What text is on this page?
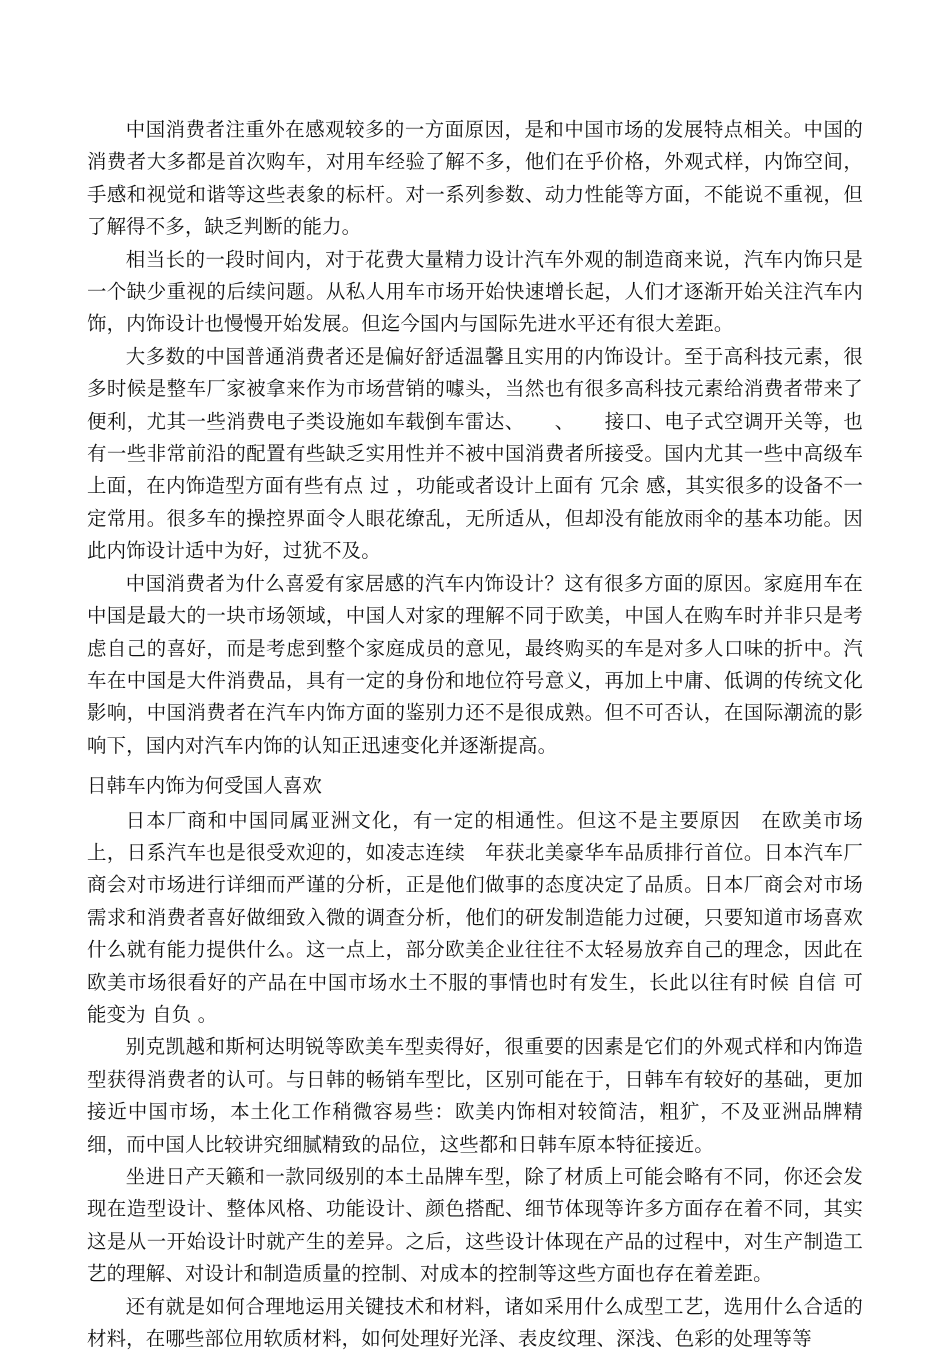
中国消费者注重外在感观较多的一方面原因，是和中国市场的发展特点相关。中国的消费者大多都是首次购车，对用车经验了解不多，他们在乎价格，外观式样，内饰空间，手感和视觉和谐等这些表象的标杆。对一系列参数、动力性能等方面，不能说不重视，但了解得不多，缺乏判断的能力。

相当长的一段时间内，对于花费大量精力设计汽车外观的制造商来说，汽车内饰只是一个缺少重视的后续问题。从私人用车市场开始快速增长起，人们才逐渐开始关注汽车内饰，内饰设计也慢慢开始发展。但迄今国内与国际先进水平还有很大差距。

大多数的中国普通消费者还是偏好舒适温馨且实用的内饰设计。至于高科技元素，很多时候是整车厂家被拿来作为市场营销的噱头，当然也有很多高科技元素给消费者带来了便利，尤其一些消费电子类设施如车载倒车雷达、　　、　　接口、电子式空调开关等，也有一些非常前沿的配置有些缺乏实用性并不被中国消费者所接受。国内尤其一些中高级车上面，在内饰造型方面有些有点 过 ，功能或者设计上面有 冗余 感，其实很多的设备不一定常用。很多车的操控界面令人眼花缭乱，无所适从，但却没有能放雨伞的基本功能。因此内饰设计适中为好，过犹不及。

中国消费者为什么喜爱有家居感的汽车内饰设计？这有很多方面的原因。家庭用车在中国是最大的一块市场领域，中国人对家的理解不同于欧美，中国人在购车时并非只是考虑自己的喜好，而是考虑到整个家庭成员的意见，最终购买的车是对多人口味的折中。汽车在中国是大件消费品，具有一定的身份和地位符号意义，再加上中庸、低调的传统文化影响，中国消费者在汽车内饰方面的鉴别力还不是很成熟。但不可否认，在国际潮流的影响下，国内对汽车内饰的认知正迅速变化并逐渐提高。

日韩车内饰为何受国人喜欢

日本厂商和中国同属亚洲文化，有一定的相通性。但这不是主要原因　在欧美市场上，日系汽车也是很受欢迎的，如凌志连续　年获北美豪华车品质排行首位。日本汽车厂商会对市场进行详细而严谨的分析，正是他们做事的态度决定了品质。日本厂商会对市场需求和消费者喜好做细致入微的调查分析，他们的研发制造能力过硬，只要知道市场喜欢什么就有能力提供什么。这一点上，部分欧美企业往往不太轻易放弃自己的理念，因此在欧美市场很看好的产品在中国市场水土不服的事情也时有发生，长此以往有时候 自信 可能变为 自负 。

别克凯越和斯柯达明锐等欧美车型卖得好，很重要的因素是它们的外观式样和内饰造型获得消费者的认可。与日韩的畅销车型比，区别可能在于，日韩车有较好的基础，更加接近中国市场，本土化工作稍微容易些：欧美内饰相对较简洁，粗犷，不及亚洲品牌精细，而中国人比较讲究细腻精致的品位，这些都和日韩车原本特征接近。

坐进日产天籁和一款同级别的本土品牌车型，除了材质上可能会略有不同，你还会发现在造型设计、整体风格、功能设计、颜色搭配、细节体现等许多方面存在着不同，其实这是从一开始设计时就产生的差异。之后，这些设计体现在产品的过程中，对生产制造工艺的理解、对设计和制造质量的控制、对成本的控制等这些方面也存在着差距。

还有就是如何合理地运用关键技术和材料，诸如采用什么成型工艺，选用什么合适的材料，在哪些部位用软质材料，如何处理好光泽、表皮纹理、深浅、色彩的处理等等
